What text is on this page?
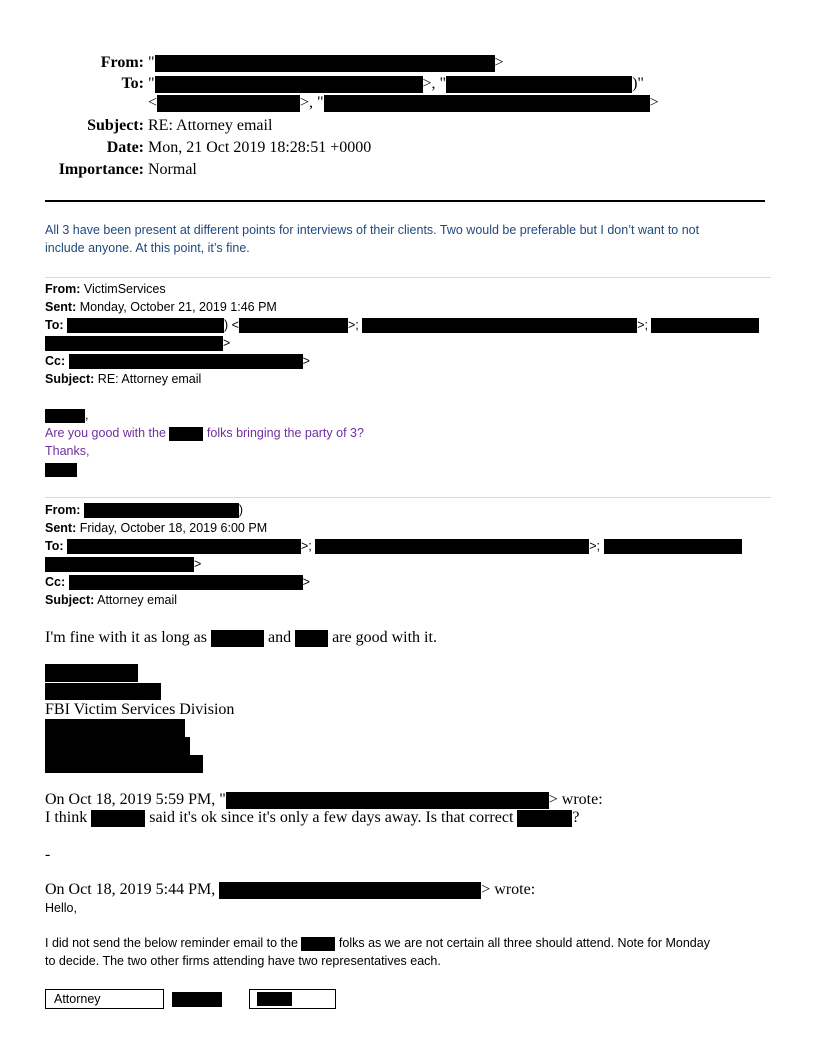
From: "	>
To: "	>, "	)"
<	>, "	>
Subject: RE: Attorney email
Date: Mon, 21 Oct 2019 18:28:51 +0000
Importance: Normal
All 3 have been present at different points for interviews of their clients. Two would be preferable but I don’t want to not
include anyone. At this point, it’s fine.
From: VictimServices
Sent: Monday, October 21, 2019 1:46 PM
To:	) <	>;	>;
>
Cc:	>
Subject: RE: Attorney email
,
Are you good with the	folks bringing the party of 3?
Thanks,
From:	)
Sent: Friday, October 18, 2019 6:00 PM
To:	>;	>;
>
Cc:	>
Subject: Attorney email
I'm fine with it as long as	and	are good with it.
FBI Victim Services Division
On Oct 18, 2019 5:59 PM, "	> wrote:
I think	said it's ok since it's only a few days away. Is that correct	?
-
On Oct 18, 2019 5:44 PM,	> wrote:
Hello,
I did not send the below reminder email to the	folks as we are not certain all three should attend. Note for Monday
to decide. The two other firms attending have two representatives each.
Attorney
